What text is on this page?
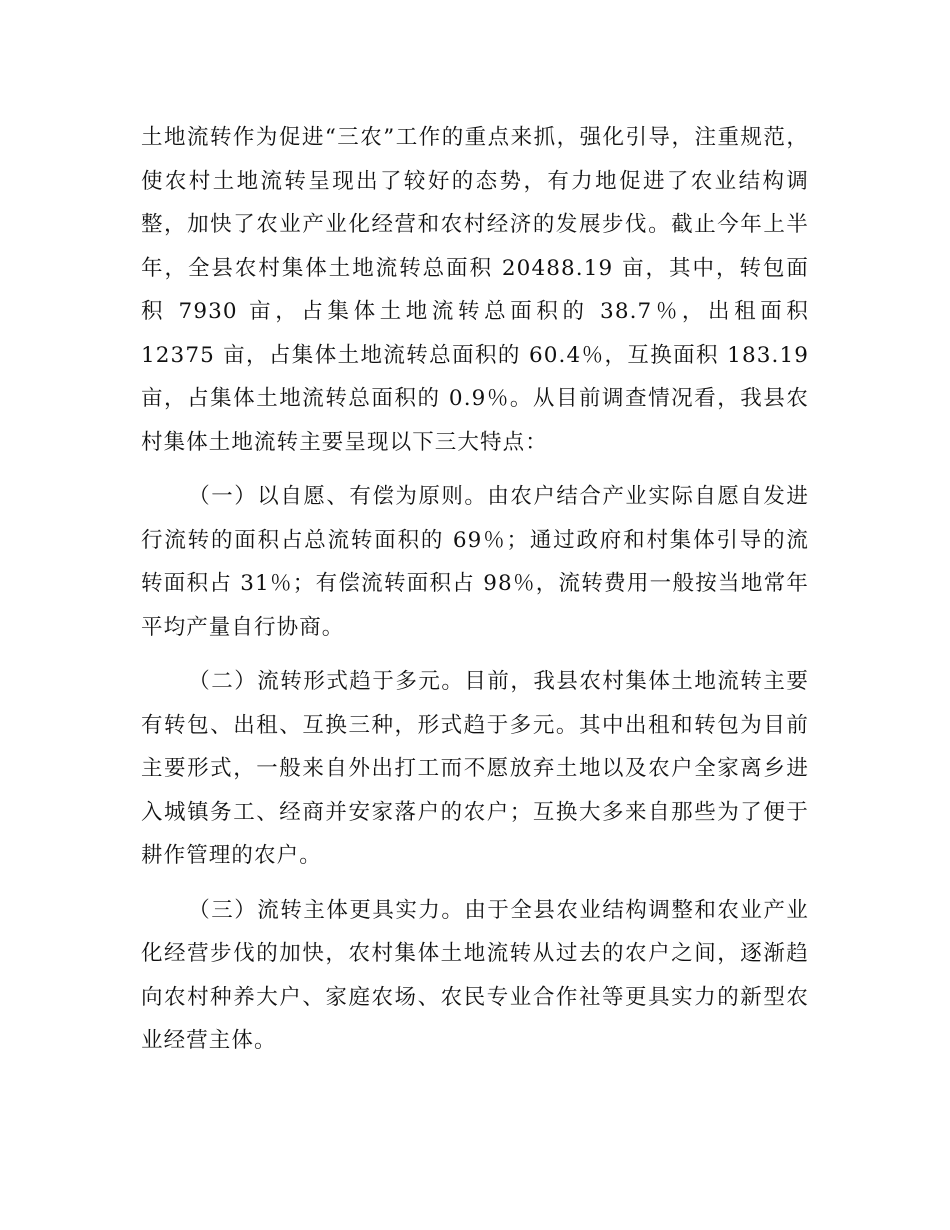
土地流转作为促进“三农”工作的重点来抓，强化引导，注重规范，使农村土地流转呈现出了较好的态势，有力地促进了农业结构调整，加快了农业产业化经营和农村经济的发展步伐。截止今年上半年，全县农村集体土地流转总面积 20488.19 亩，其中，转包面积 7930 亩，占集体土地流转总面积的 38.7％，出租面积 12375 亩，占集体土地流转总面积的 60.4％，互换面积 183.19 亩，占集体土地流转总面积的 0.9％。从目前调查情况看，我县农村集体土地流转主要呈现以下三大特点：

（一）以自愿、有偿为原则。由农户结合产业实际自愿自发进行流转的面积占总流转面积的 69％；通过政府和村集体引导的流转面积占 31％；有偿流转面积占 98％，流转费用一般按当地常年平均产量自行协商。

（二）流转形式趋于多元。目前，我县农村集体土地流转主要有转包、出租、互换三种，形式趋于多元。其中出租和转包为目前主要形式，一般来自外出打工而不愿放弃土地以及农户全家离乡进入城镇务工、经商并安家落户的农户；互换大多来自那些为了便于耕作管理的农户。

（三）流转主体更具实力。由于全县农业结构调整和农业产业化经营步伐的加快，农村集体土地流转从过去的农户之间，逐渐趋向农村种养大户、家庭农场、农民专业合作社等更具实力的新型农业经营主体。
